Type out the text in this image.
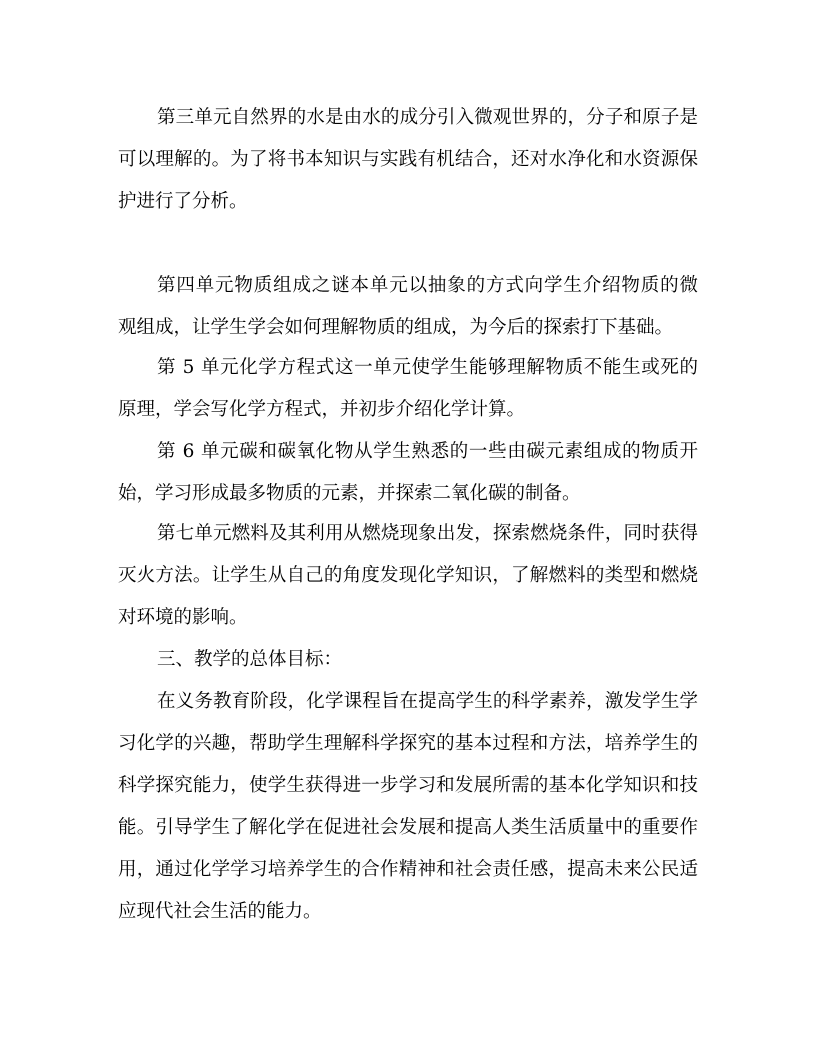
第三单元自然界的水是由水的成分引入微观世界的，分子和原子是
可以理解的。为了将书本知识与实践有机结合，还对水净化和水资源保
护进行了分析。
第四单元物质组成之谜本单元以抽象的方式向学生介绍物质的微
观组成，让学生学会如何理解物质的组成，为今后的探索打下基础。
第 5 单元化学方程式这一单元使学生能够理解物质不能生或死的
原理，学会写化学方程式，并初步介绍化学计算。
第 6 单元碳和碳氧化物从学生熟悉的一些由碳元素组成的物质开
始，学习形成最多物质的元素，并探索二氧化碳的制备。
第七单元燃料及其利用从燃烧现象出发，探索燃烧条件，同时获得
灭火方法。让学生从自己的角度发现化学知识，了解燃料的类型和燃烧
对环境的影响。
三、教学的总体目标：
在义务教育阶段，化学课程旨在提高学生的科学素养，激发学生学
习化学的兴趣，帮助学生理解科学探究的基本过程和方法，培养学生的
科学探究能力，使学生获得进一步学习和发展所需的基本化学知识和技
能。引导学生了解化学在促进社会发展和提高人类生活质量中的重要作
用，通过化学学习培养学生的合作精神和社会责任感，提高未来公民适
应现代社会生活的能力。
